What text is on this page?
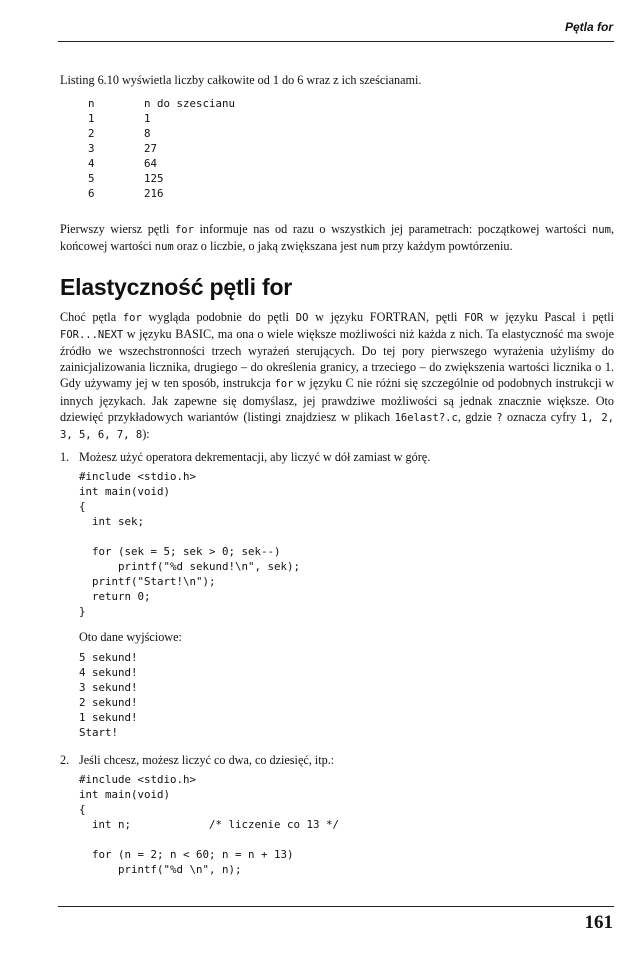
Pętla for

Listing 6.10 wyświetla liczby całkowite od 1 do 6 wraz z ich sześcianami.

n	n do szescianu
1	1
2	8
3	27
4	64
5	125
6	216

Pierwszy wiersz pętli for informuje nas od razu o wszystkich jej parametrach: początkowej wartości num, końcowej wartości num oraz o liczbie, o jaką zwiększana jest num przy każdym powtórzeniu.

Elastyczność pętli for

Choć pętla for wygląda podobnie do pętli DO w języku FORTRAN, pętli FOR w języku Pascal i pętli FOR...NEXT w języku BASIC, ma ona o wiele większe możliwości niż każda z nich. Ta elastyczność ma swoje źródło we wszechstronności trzech wyrażeń sterujących. Do tej pory pierwszego wyrażenia użyliśmy do zainicjalizowania licznika, drugiego – do określenia granicy, a trzeciego – do zwiększenia wartości licznika o 1. Gdy używamy jej w ten sposób, instrukcja for w języku C nie różni się szczególnie od podobnych instrukcji w innych językach. Jak zapewne się domyślasz, jej prawdziwe możliwości są jednak znacznie większe. Oto dziewięć przykładowych wariantów (listingi znajdziesz w plikach 16elast?.c, gdzie ? oznacza cyfry 1, 2, 3, 5, 6, 7, 8):

1. Możesz użyć operatora dekrementacji, aby liczyć w dół zamiast w górę.

#include <stdio.h>
int main(void)
{
int sek;

for (sek = 5; sek > 0; sek--)
printf("%d sekund!\n", sek);
printf("Start!\n");
return 0;
}

Oto dane wyjściowe:

5 sekund!
4 sekund!
3 sekund!
2 sekund!
1 sekund!
Start!
2. Jeśli chcesz, możesz liczyć co dwa, co dziesięć, itp.:

#include <stdio.h>
int main(void)
{
int n;            /* liczenie co 13 */

for (n = 2; n < 60; n = n + 13)
printf("%d \n", n);
161
